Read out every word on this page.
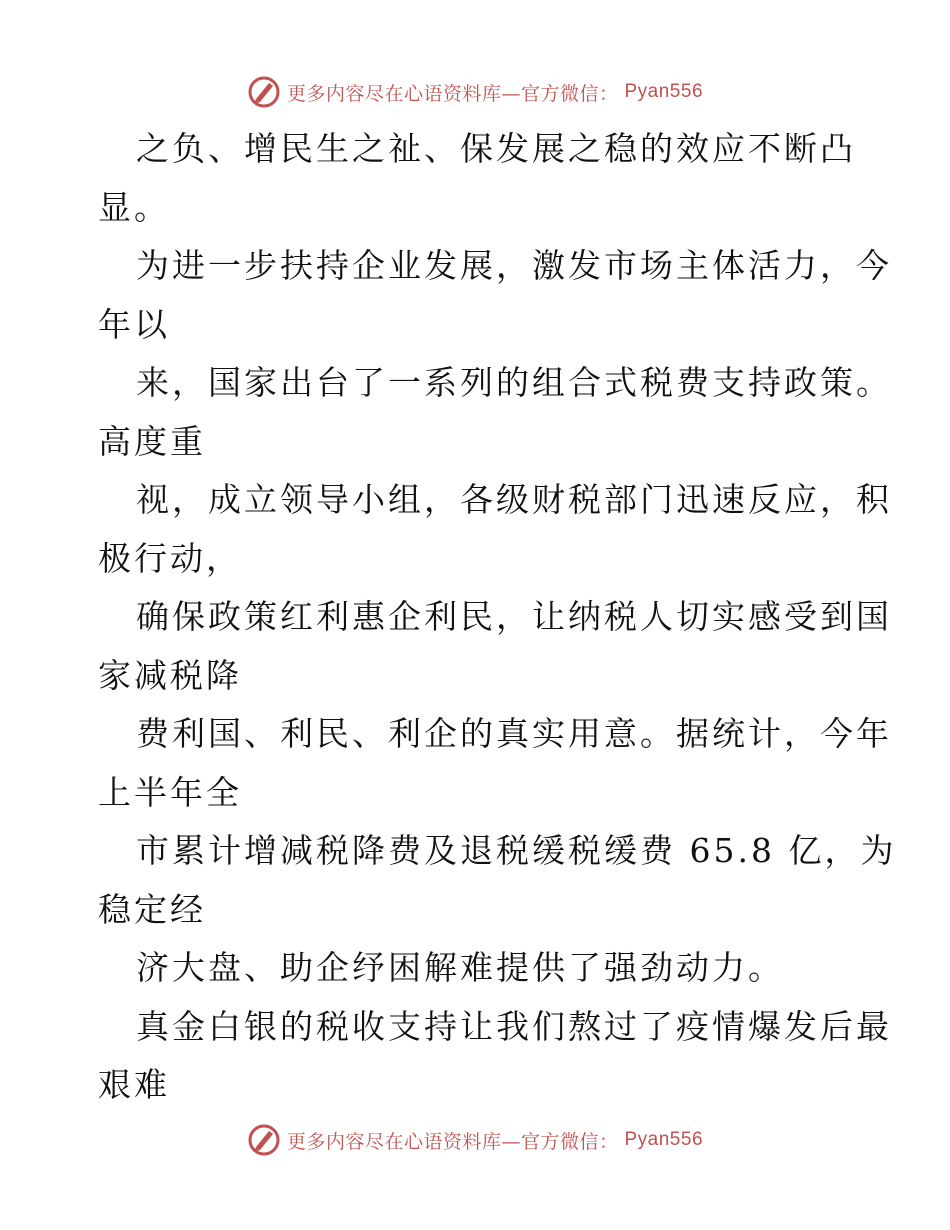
更多内容尽在心语资料库—官方微信： Pyan556
之负、增民生之祉、保发展之稳的效应不断凸
显。
为进一步扶持企业发展，激发市场主体活力，今
年以
来，国家出台了一系列的组合式税费支持政策。
高度重
视，成立领导小组，各级财税部门迅速反应，积
极行动，
确保政策红利惠企利民，让纳税人切实感受到国
家减税降
费利国、利民、利企的真实用意。据统计，今年
上半年全
市累计增减税降费及退税缓税缓费 65.8 亿，为
稳定经
济大盘、助企纾困解难提供了强劲动力。
真金白银的税收支持让我们熬过了疫情爆发后最
艰难
更多内容尽在心语资料库—官方微信： Pyan556
